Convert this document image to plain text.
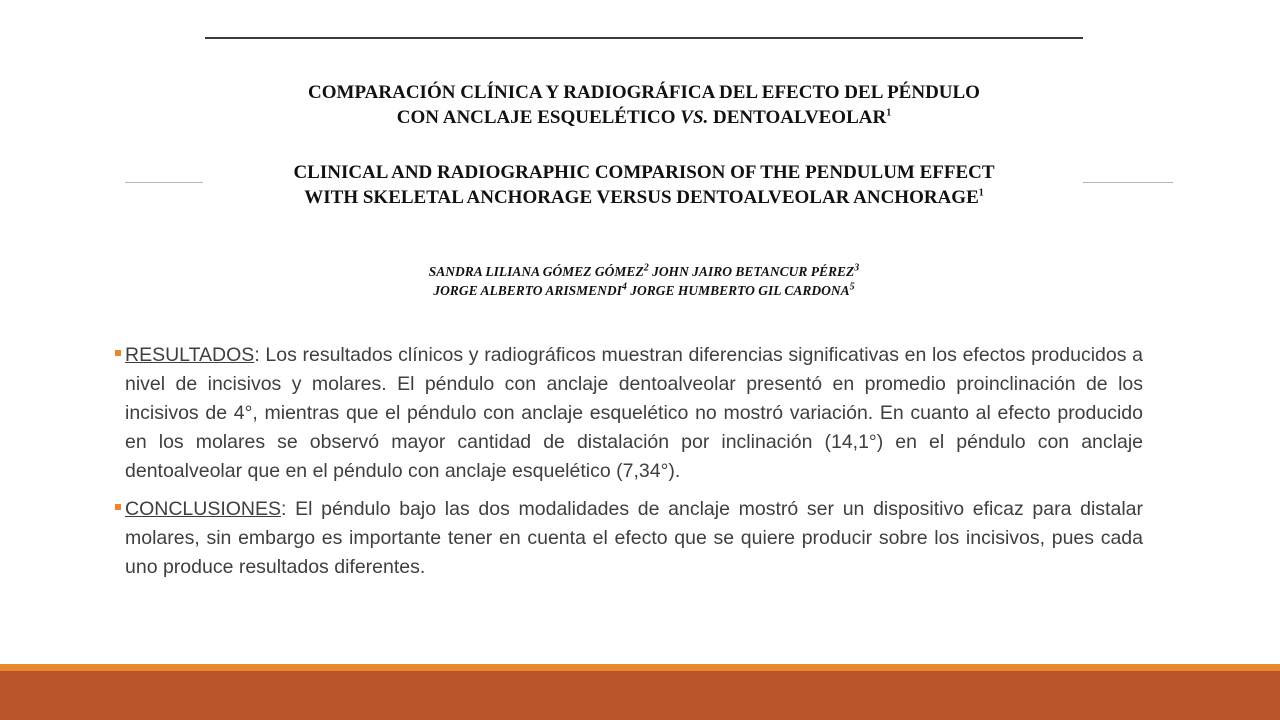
COMPARACIÓN CLÍNICA Y RADIOGRÁFICA DEL EFECTO DEL PÉNDULO
CON ANCLAJE ESQUELÉTICO VS. DENTOALVEOLAR$^1$
CLINICAL AND RADIOGRAPHIC COMPARISON OF THE PENDULUM EFFECT
WITH SKELETAL ANCHORAGE VERSUS DENTOALVEOLAR ANCHORAGE$^1$
SANDRA LILIANA GÓMEZ GÓMEZ$^2$ JOHN JAIRO BETANCUR PÉREZ$^3$
JORGE ALBERTO ARISMENDI$^4$ JORGE HUMBERTO GIL CARDONA$^5$

RESULTADOS: Los resultados clínicos y radiográficos muestran diferencias significativas en los efectos producidos a nivel de incisivos y molares. El péndulo con anclaje dentoalveolar presentó en promedio proinclinación de los incisivos de 4°, mientras que el péndulo con anclaje esquelético no mostró variación. En cuanto al efecto producido en los molares se observó mayor cantidad de distalación por inclinación (14,1°) en el péndulo con anclaje dentoalveolar que en el péndulo con anclaje esquelético (7,34°).

CONCLUSIONES: El péndulo bajo las dos modalidades de anclaje mostró ser un dispositivo eficaz para distalar molares, sin embargo es importante tener en cuenta el efecto que se quiere producir sobre los incisivos, pues cada uno produce resultados diferentes.
